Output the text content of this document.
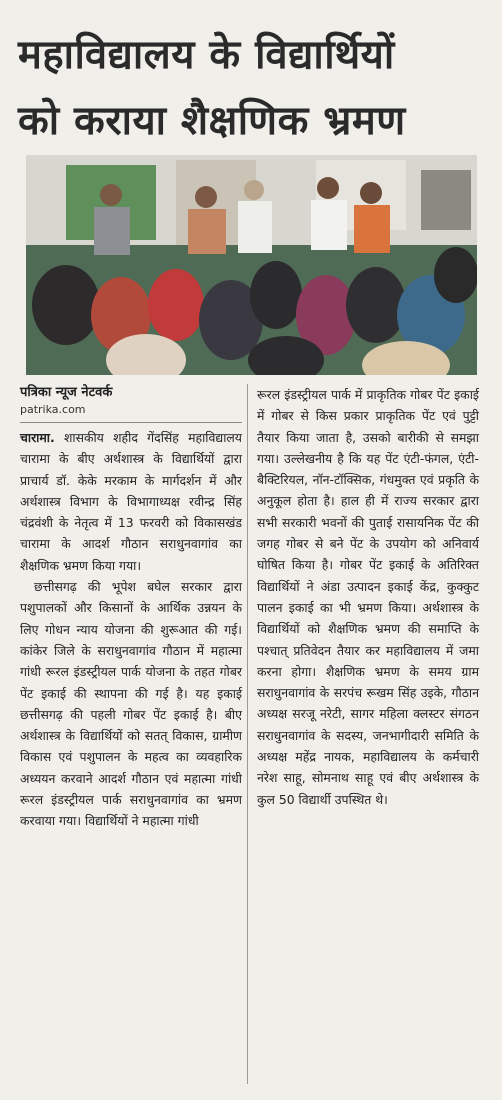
महाविद्यालय के विद्यार्थियों
को कराया शैक्षणिक भ्रमण
पत्रिका न्यूज नेटवर्क
patrika.com

चारामा. शासकीय शहीद गेंदसिंह महाविद्यालय चारामा के बीए अर्थशास्त्र के विद्यार्थियों द्वारा प्राचार्य डॉ. केके मरकाम के मार्गदर्शन में और अर्थशास्त्र विभाग के विभागाध्यक्ष रवीन्द्र सिंह चंद्रवंशी के नेतृत्व में 13 फरवरी को विकासखंड चारामा के आदर्श गौठान सराधुनवागांव का शैक्षणिक भ्रमण किया गया।

छत्तीसगढ़ की भूपेश बघेल सरकार द्वारा पशुपालकों और किसानों के आर्थिक उन्नयन के लिए गोधन न्याय योजना की शुरूआत की गई। कांकेर जिले के सराधुनवागांव गौठान में महात्मा गांधी रूरल इंडस्ट्रीयल पार्क योजना के तहत गोबर पेंट इकाई की स्थापना की गई है। यह इकाई छत्तीसगढ़ की पहली गोबर पेंट इकाई है। बीए अर्थशास्त्र के विद्यार्थियों को सतत् विकास, ग्रामीण विकास एवं पशुपालन के महत्व का व्यवहारिक अध्ययन करवाने आदर्श गौठान एवं महात्मा गांधी रूरल इंडस्ट्रीयल पार्क सराधुनवागांव का भ्रमण करवाया गया। विद्यार्थियों ने महात्मा गांधी

रूरल इंडस्ट्रीयल पार्क में प्राकृतिक गोबर पेंट इकाई में गोबर से किस प्रकार प्राकृतिक पेंट एवं पुट्टी तैयार किया जाता है, उसको बारीकी से समझा गया। उल्लेखनीय है कि यह पेंट एंटी-फंगल, एंटी-बैक्टिरियल, नॉन-टॉक्सिक, गंधमुक्त एवं प्रकृति के अनुकूल होता है। हाल ही में राज्य सरकार द्वारा सभी सरकारी भवनों की पुताई रासायनिक पेंट की जगह गोबर से बने पेंट के उपयोग को अनिवार्य घोषित किया है। गोबर पेंट इकाई के अतिरिक्त विद्यार्थियों ने अंडा उत्पादन इकाई केंद्र, कुक्कुट पालन इकाई का भी भ्रमण किया। अर्थशास्त्र के विद्यार्थियों को शैक्षणिक भ्रमण की समाप्ति के पश्चात्‌ प्रतिवेदन तैयार कर महाविद्यालय में जमा करना होगा। शैक्षणिक भ्रमण के समय ग्राम सराधुनवागांव के सरपंच रूखम सिंह उइके, गौठान अध्यक्ष सरजू नरेटी, सागर महिला क्लस्टर संगठन सराधुनवागांव के सदस्य, जनभागीदारी समिति के अध्यक्ष महेंद्र नायक, महाविद्यालय के कर्मचारी नरेश साहू, सोमनाथ साहू एवं बीए अर्थशास्त्र के कुल 50 विद्यार्थी उपस्थित थे।
